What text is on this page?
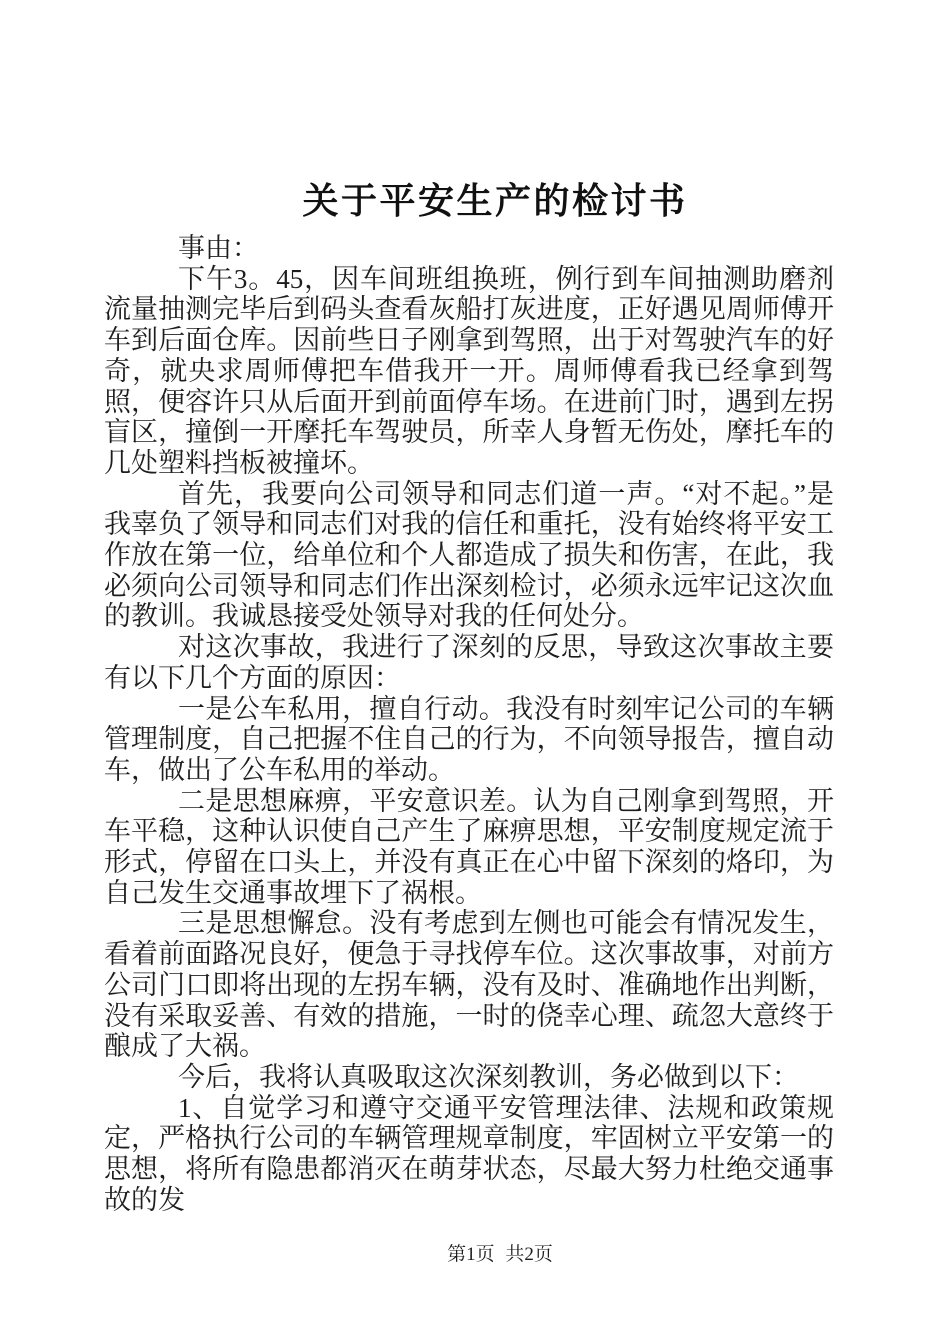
关于平安生产的检讨书

事由：

下午3。45，因车间班组换班，例行到车间抽测助磨剂流量抽测完毕后到码头查看灰船打灰进度，正好遇见周师傅开车到后面仓库。因前些日子刚拿到驾照，出于对驾驶汽车的好奇，就央求周师傅把车借我开一开。周师傅看我已经拿到驾照，便容许只从后面开到前面停车场。在进前门时，遇到左拐盲区，撞倒一开摩托车驾驶员，所幸人身暂无伤处，摩托车的几处塑料挡板被撞坏。

首先，我要向公司领导和同志们道一声。“对不起。”是我辜负了领导和同志们对我的信任和重托，没有始终将平安工作放在第一位，给单位和个人都造成了损失和伤害，在此，我必须向公司领导和同志们作出深刻检讨，必须永远牢记这次血的教训。我诚恳接受处领导对我的任何处分。

对这次事故，我进行了深刻的反思，导致这次事故主要有以下几个方面的原因：

一是公车私用，擅自行动。我没有时刻牢记公司的车辆管理制度，自己把握不住自己的行为，不向领导报告，擅自动车，做出了公车私用的举动。

二是思想麻痹，平安意识差。认为自己刚拿到驾照，开车平稳，这种认识使自己产生了麻痹思想，平安制度规定流于形式，停留在口头上，并没有真正在心中留下深刻的烙印，为自己发生交通事故埋下了祸根。

三是思想懈怠。没有考虑到左侧也可能会有情况发生，看着前面路况良好，便急于寻找停车位。这次事故事，对前方公司门口即将出现的左拐车辆，没有及时、准确地作出判断，没有采取妥善、有效的措施，一时的侥幸心理、疏忽大意终于酿成了大祸。

今后，我将认真吸取这次深刻教训，务必做到以下：

1、自觉学习和遵守交通平安管理法律、法规和政策规定，严格执行公司的车辆管理规章制度，牢固树立平安第一的思想，将所有隐患都消灭在萌芽状态，尽最大努力杜绝交通事故的发

第1页 共2页
